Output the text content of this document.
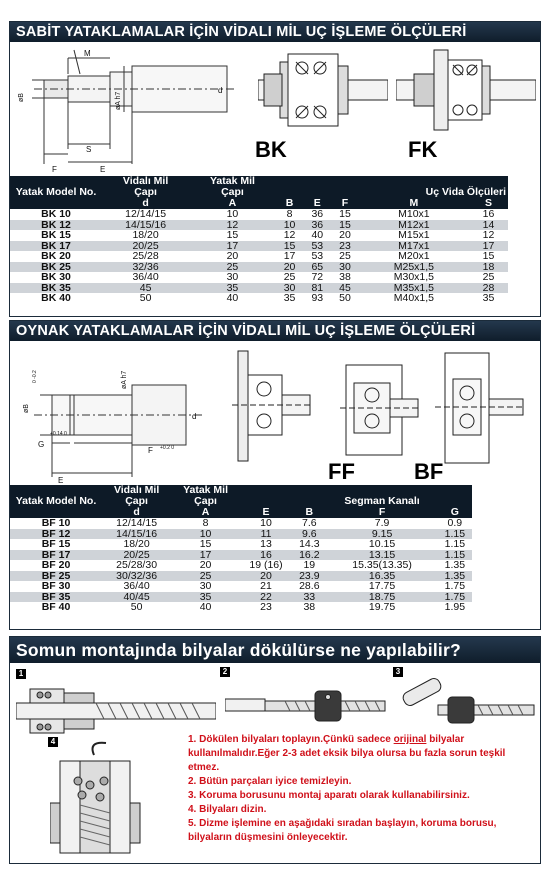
SABİT YATAKLAMALAR İÇİN VİDALI MİL UÇ İŞLEME ÖLÇÜLERİ
M
øB	øA h7
d
F
S
E
BK	FK
	Vidalı Mil	Yatak Mil					
Yatak Model No.	Çapı	Çapı				Uç Vida Ölçüleri	
	d	A	B	E	F	M	S
BK 10	12/14/15	10	8	36	15	M10x1	16
BK 12	14/15/16	12	10	36	15	M12x1	14
BK 15	18/20	15	12	40	20	M15x1	12
BK 17	20/25	17	15	53	23	M17x1	17
BK 20	25/28	20	17	53	25	M20x1	15
BK 25	32/36	25	20	65	30	M25x1,5	18
BK 30	36/40	30	25	72	38	M30x1,5	25
BK 35	45	35	30	81	45	M35x1,5	28
BK 40	50	40	35	93	50	M40x1,5	35
OYNAK YATAKLAMALAR İÇİN VİDALI MİL UÇ İŞLEME ÖLÇÜLERİ
øB
0 -0.2	øA h7
d
G
+0.14 0
F +0.2 0
E	FF	BF
	Vidalı Mil	Yatak Mil				
Yatak Model No.	Çapı	Çapı			Segman Kanalı	
	d	A	E	B	F	G
BF 10	12/14/15	8	10	7.6	7.9	0.9
BF 12	14/15/16	10	11	9.6	9.15	1.15
BF 15	18/20	15	13	14.3	10.15	1.15
BF 17	20/25	17	16	16.2	13.15	1.15
BF 20	25/28/30	20	19 (16)	19	15.35(13.35)	1.35
BF 25	30/32/36	25	20	23.9	16.35	1.35
BF 30	36/40	30	21	28.6	17.75	1.75
BF 35	40/45	35	22	33	18.75	1.75
BF 40	50	40	23	38	19.75	1.95
Somun montajında bilyalar dökülürse ne yapılabilir?
1	2	3
4	1. Dökülen bilyaları toplayın.Çünkü sadece orijinal bilyalar kullanılmalıdır.Eğer 2-3 adet eksik bilya olursa bu fazla sorun teşkil etmez.
2. Bütün parçaları iyice temizleyin.
3. Koruma borusunu montaj aparatı olarak kullanabilirsiniz.
4. Bilyaları dizin.
5. Dizme işlemine en aşağıdaki sıradan başlayın, koruma borusu, bilyaların düşmesini önleyecektir.
